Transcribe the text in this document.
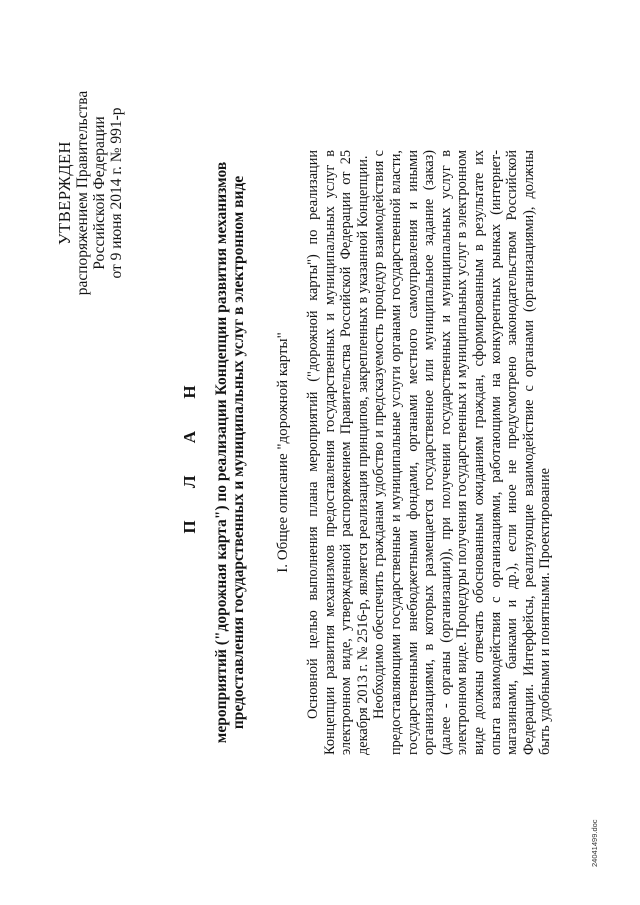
УТВЕРЖДЕН распоряжением Правительства Российской Федерации от 9 июня 2014 г. № 991-р
П Л А Н мероприятий ("дорожная карта") по реализации Концепции развития механизмов предоставления государственных и муниципальных услуг в электронном виде I. Общее описание "дорожной карты" Основной целью выполнения плана мероприятий ("дорожной карты") по реализации Концепции развития механизмов предоставления государственных и муниципальных услуг в электронном виде, утвержденной распоряжением Правительства Российской Федерации от 25 декабря 2013 г. № 2516-р, является реализация принципов, закрепленных в указанной Концепции. Необходимо обеспечить гражданам удобство и предсказуемость процедур взаимодействия с предоставляющими государственные и муниципальные услуги органами государственной власти, государственными внебюджетными фондами, органами местного самоуправления и иными организациями, в которых размещается государственное или муниципальное задание (заказ) (далее - органы (организации)), при получении государственных и муниципальных услуг в электронном виде. Процедуры получения государственных и муниципальных услуг в электронном виде должны отвечать обоснованным ожиданиям граждан, сформированным в результате их опыта взаимодействия с организациями, работающими на конкурентных рынках (интернет-магазинами, банками и др.), если иное не предусмотрено законодательством Российской Федерации. Интерфейсы, реализующие взаимодействие с органами (организациями), должны быть удобными и понятными. Проектирование

24041499.doc
